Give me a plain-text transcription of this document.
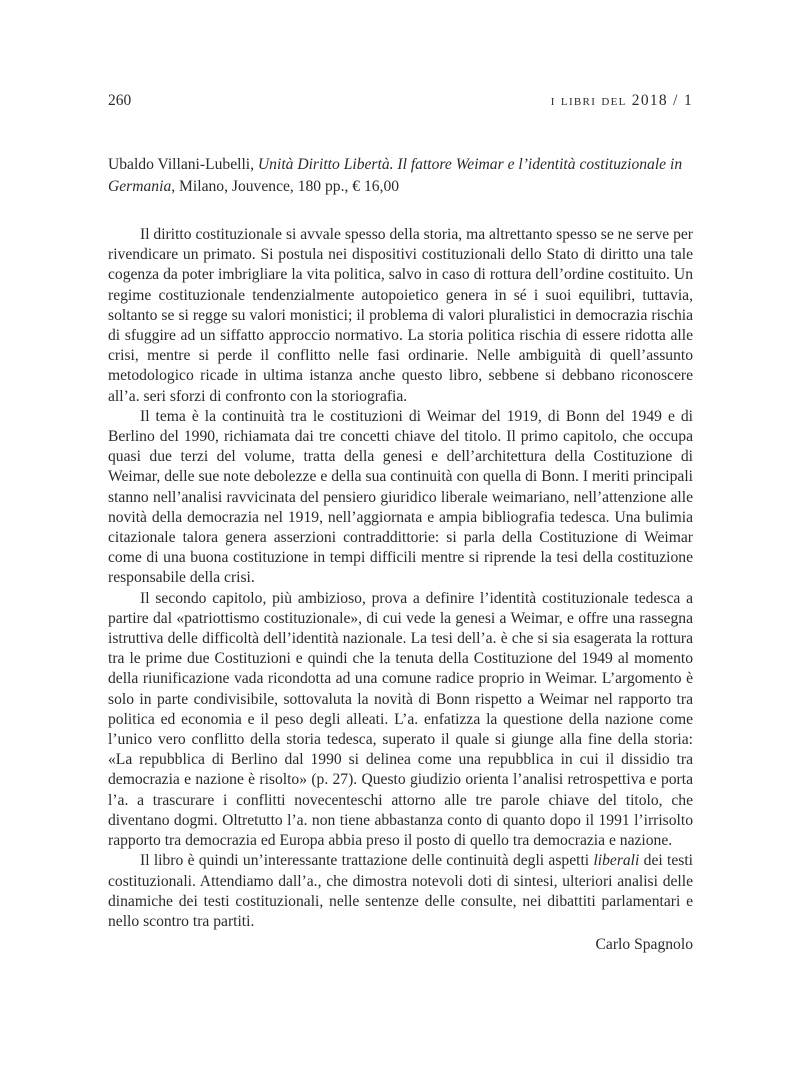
260	i libri del 2018 / 1
Ubaldo Villani-Lubelli, Unità Diritto Libertà. Il fattore Weimar e l’identità costituzionale in Germania, Milano, Jouvence, 180 pp., € 16,00

Il diritto costituzionale si avvale spesso della storia, ma altrettanto spesso se ne serve per rivendicare un primato. Si postula nei dispositivi costituzionali dello Stato di diritto una tale cogenza da poter imbrigliare la vita politica, salvo in caso di rottura dell’ordine costituito. Un regime costituzionale tendenzialmente autopoietico genera in sé i suoi equilibri, tuttavia, soltanto se si regge su valori monistici; il problema di valori pluralistici in democrazia rischia di sfuggire ad un siffatto approccio normativo. La storia politica rischia di essere ridotta alle crisi, mentre si perde il conflitto nelle fasi ordinarie. Nelle ambiguità di quell’assunto metodologico ricade in ultima istanza anche questo libro, sebbene si debbano riconoscere all’a. seri sforzi di confronto con la storiografia.

Il tema è la continuità tra le costituzioni di Weimar del 1919, di Bonn del 1949 e di Berlino del 1990, richiamata dai tre concetti chiave del titolo. Il primo capitolo, che occupa quasi due terzi del volume, tratta della genesi e dell’architettura della Costituzione di Weimar, delle sue note debolezze e della sua continuità con quella di Bonn. I meriti principali stanno nell’analisi ravvicinata del pensiero giuridico liberale weimariano, nell’attenzione alle novità della democrazia nel 1919, nell’aggiornata e ampia bibliografia tedesca. Una bulimia citazionale talora genera asserzioni contraddittorie: si parla della Costituzione di Weimar come di una buona costituzione in tempi difficili mentre si riprende la tesi della costituzione responsabile della crisi.

Il secondo capitolo, più ambizioso, prova a definire l’identità costituzionale tedesca a partire dal «patriottismo costituzionale», di cui vede la genesi a Weimar, e offre una rassegna istruttiva delle difficoltà dell’identità nazionale. La tesi dell’a. è che si sia esagerata la rottura tra le prime due Costituzioni e quindi che la tenuta della Costituzione del 1949 al momento della riunificazione vada ricondotta ad una comune radice proprio in Weimar. L’argomento è solo in parte condivisibile, sottovaluta la novità di Bonn rispetto a Weimar nel rapporto tra politica ed economia e il peso degli alleati. L’a. enfatizza la questione della nazione come l’unico vero conflitto della storia tedesca, superato il quale si giunge alla fine della storia: «La repubblica di Berlino dal 1990 si delinea come una repubblica in cui il dissidio tra democrazia e nazione è risolto» (p. 27). Questo giudizio orienta l’analisi retrospettiva e porta l’a. a trascurare i conflitti novecenteschi attorno alle tre parole chiave del titolo, che diventano dogmi. Oltretutto l’a. non tiene abbastanza conto di quanto dopo il 1991 l’irrisolto rapporto tra democrazia ed Europa abbia preso il posto di quello tra democrazia e nazione.

Il libro è quindi un’interessante trattazione delle continuità degli aspetti liberali dei testi costituzionali. Attendiamo dall’a., che dimostra notevoli doti di sintesi, ulteriori analisi delle dinamiche dei testi costituzionali, nelle sentenze delle consulte, nei dibattiti parlamentari e nello scontro tra partiti.

Carlo Spagnolo
